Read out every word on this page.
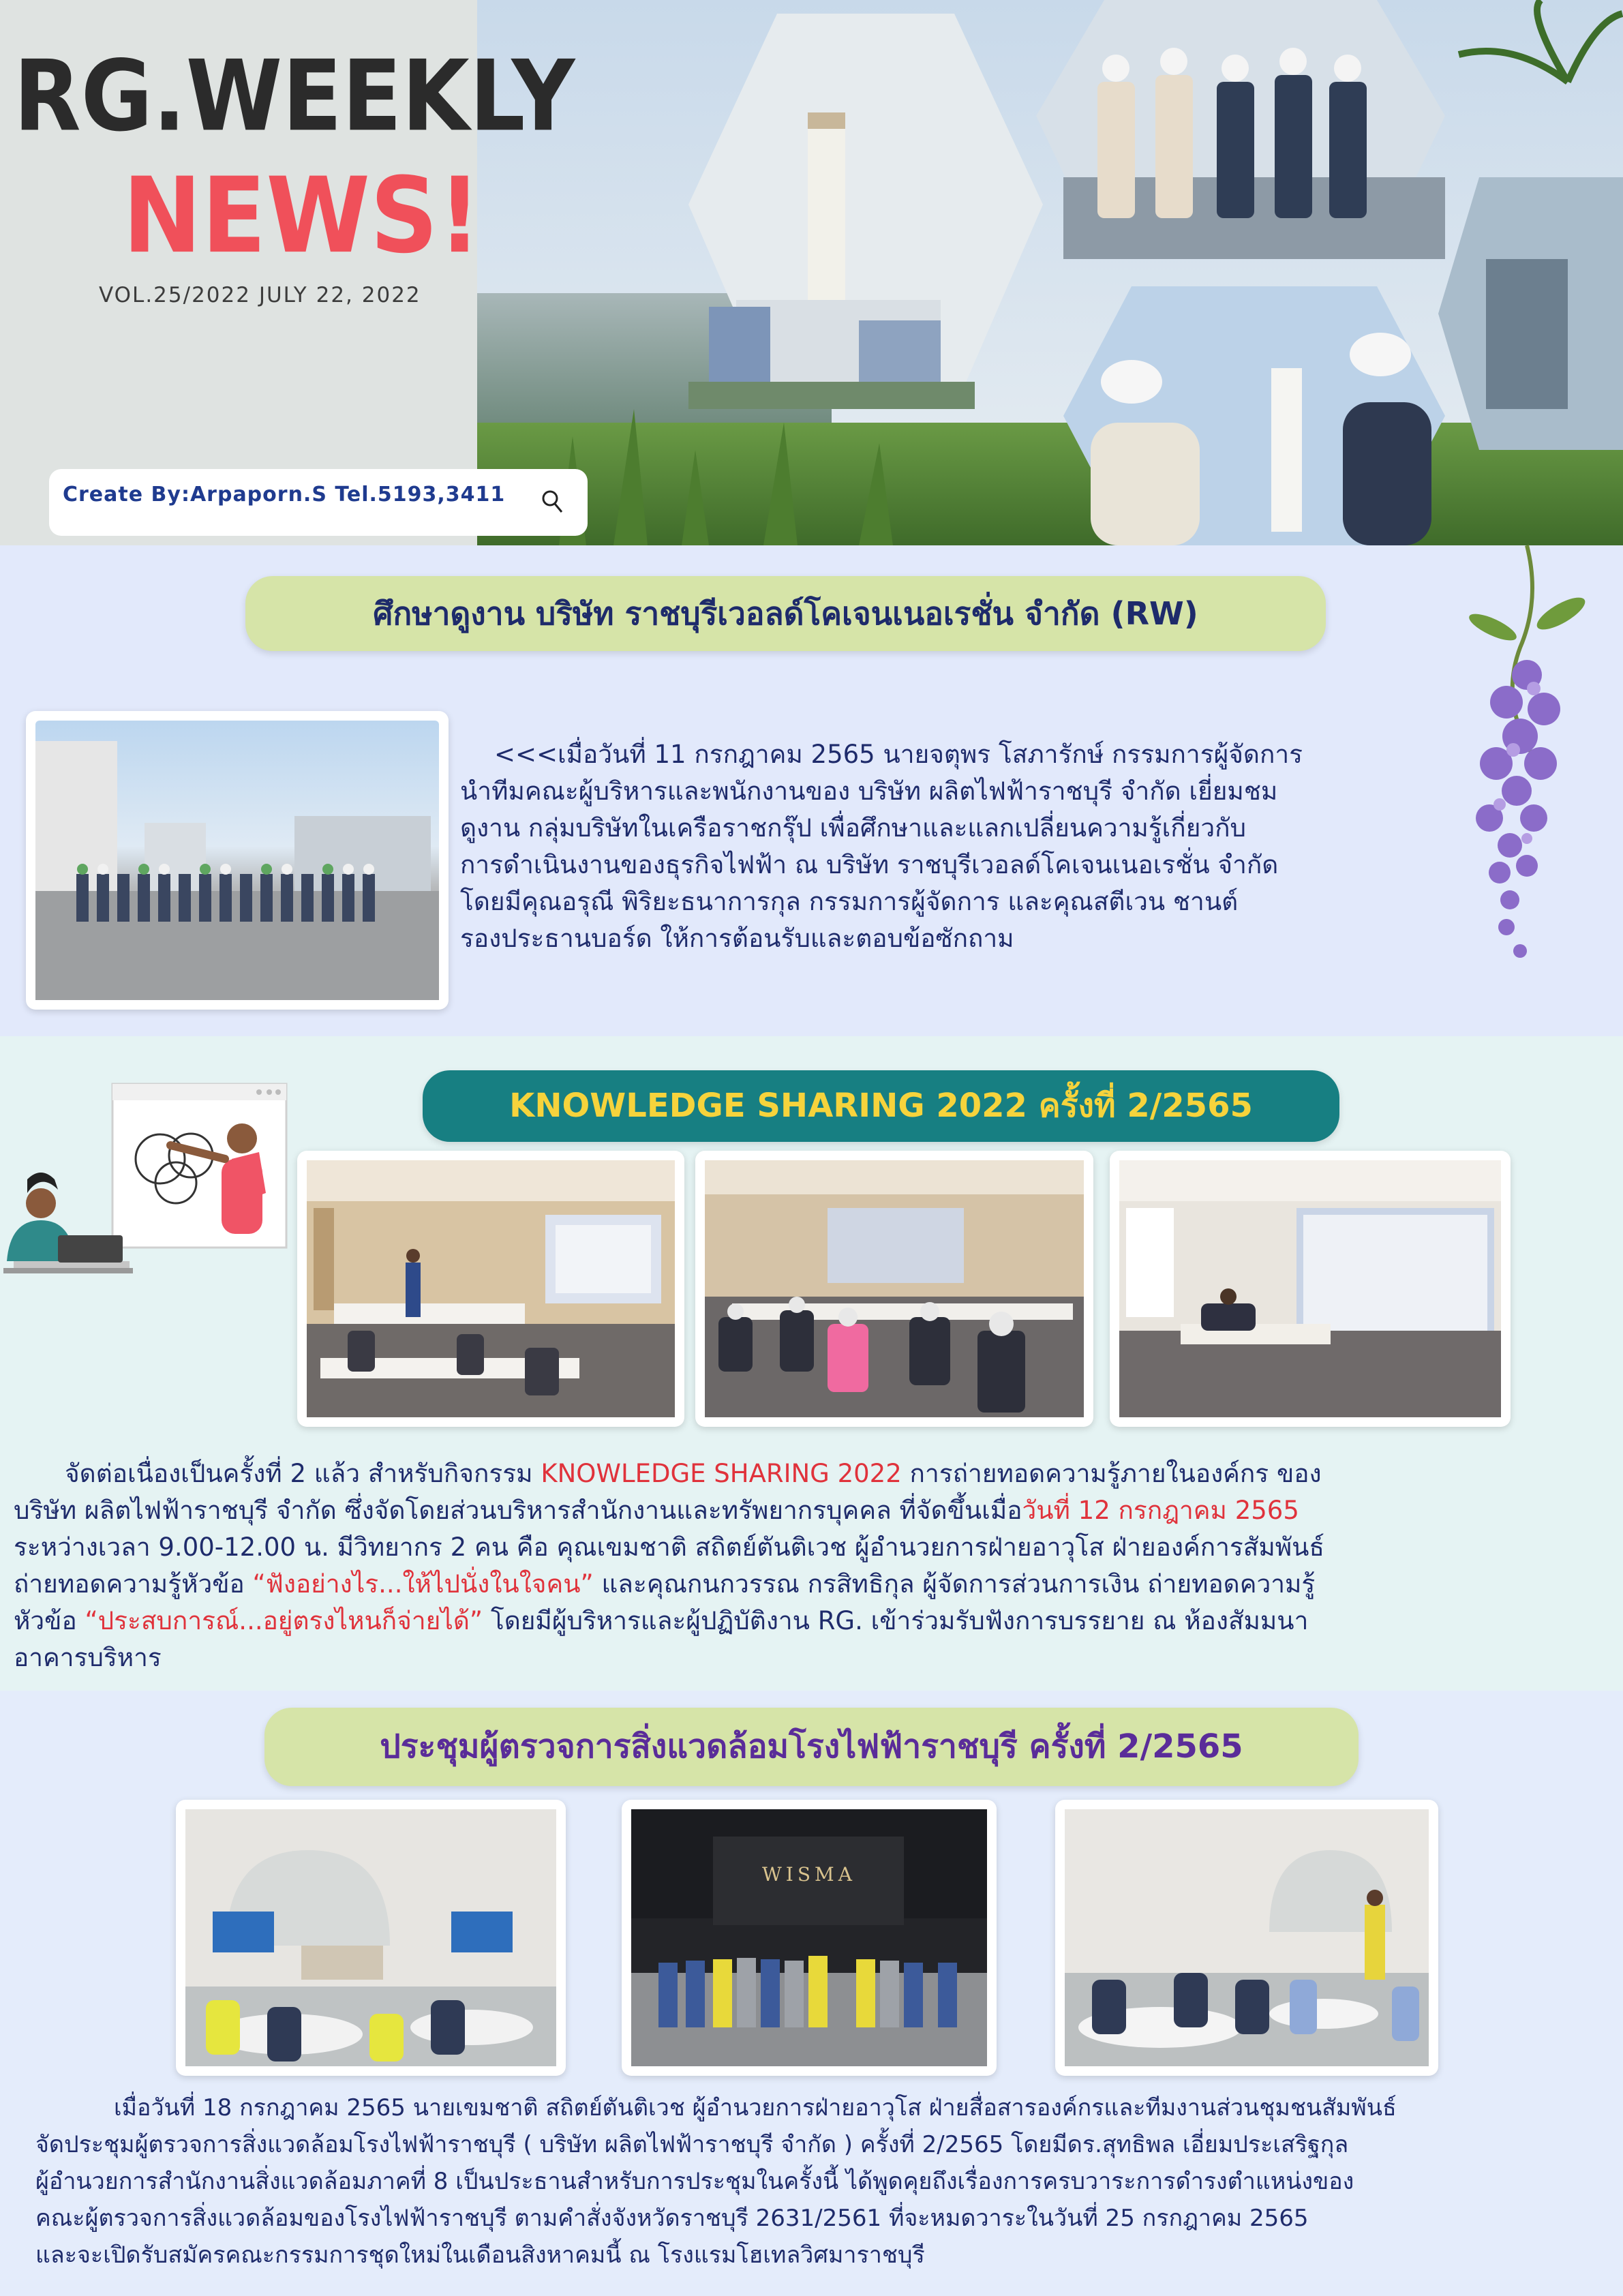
RG.WEEKLY
NEWS!
VOL.25/2022 JULY 22, 2022
Create By:Arpaporn.S Tel.5193,3411
ศึกษาดูงาน บริษัท ราชบุรีเวอลด์โคเจนเนอเรชั่น จำกัด (RW)
<<<เมื่อวันที่ 11 กรกฎาคม 2565 นายจตุพร โสภารักษ์ กรรมการผู้จัดการ
นำทีมคณะผู้บริหารและพนักงานของ บริษัท ผลิตไฟฟ้าราชบุรี จำกัด เยี่ยมชม
ดูงาน กลุ่มบริษัทในเครือราชกรุ๊ป เพื่อศึกษาและแลกเปลี่ยนความรู้เกี่ยวกับ
การดำเนินงานของธุรกิจไฟฟ้า ณ บริษัท ราชบุรีเวอลด์โคเจนเนอเรชั่น จำกัด
โดยมีคุณอรุณี พิริยะธนาการกุล กรรมการผู้จัดการ และคุณสตีเวน ชานต์
รองประธานบอร์ด ให้การต้อนรับและตอบข้อซักถาม
KNOWLEDGE SHARING 2022 ครั้งที่ 2/2565
จัดต่อเนื่องเป็นครั้งที่ 2 แล้ว สำหรับกิจกรรม KNOWLEDGE SHARING 2022 การถ่ายทอดความรู้ภายในองค์กร ของ
บริษัท ผลิตไฟฟ้าราชบุรี จำกัด ซึ่งจัดโดยส่วนบริหารสำนักงานและทรัพยากรบุคคล ที่จัดขึ้นเมื่อวันที่ 12 กรกฎาคม 2565
ระหว่างเวลา 9.00-12.00 น. มีวิทยากร 2 คน คือ คุณเขมชาติ สถิตย์ตันติเวช ผู้อำนวยการฝ่ายอาวุโส ฝ่ายองค์การสัมพันธ์
ถ่ายทอดความรู้หัวข้อ “ฟังอย่างไร...ให้ไปนั่งในใจคน” และคุณกนกวรรณ กรสิทธิกุล ผู้จัดการส่วนการเงิน ถ่ายทอดความรู้
หัวข้อ “ประสบการณ์...อยู่ตรงไหนก็จ่ายได้” โดยมีผู้บริหารและผู้ปฏิบัติงาน RG. เข้าร่วมรับฟังการบรรยาย ณ ห้องสัมมนา
อาคารบริหาร
ประชุมผู้ตรวจการสิ่งแวดล้อมโรงไฟฟ้าราชบุรี ครั้งที่ 2/2565
WISMA
เมื่อวันที่ 18 กรกฎาคม 2565 นายเขมชาติ สถิตย์ตันติเวช ผู้อำนวยการฝ่ายอาวุโส ฝ่ายสื่อสารองค์กรและทีมงานส่วนชุมชนสัมพันธ์
จัดประชุมผู้ตรวจการสิ่งแวดล้อมโรงไฟฟ้าราชบุรี ( บริษัท ผลิตไฟฟ้าราชบุรี จำกัด ) ครั้งที่ 2/2565 โดยมีดร.สุทธิพล เอี่ยมประเสริฐกุล
ผู้อำนวยการสำนักงานสิ่งแวดล้อมภาคที่ 8 เป็นประธานสำหรับการประชุมในครั้งนี้ ได้พูดคุยถึงเรื่องการครบวาระการดำรงตำแหน่งของ
คณะผู้ตรวจการสิ่งแวดล้อมของโรงไฟฟ้าราชบุรี ตามคำสั่งจังหวัดราชบุรี 2631/2561 ที่จะหมดวาระในวันที่ 25 กรกฎาคม 2565
และจะเปิดรับสมัครคณะกรรมการชุดใหม่ในเดือนสิงหาคมนี้ ณ โรงแรมโฮเทลวิศมาราชบุรี
